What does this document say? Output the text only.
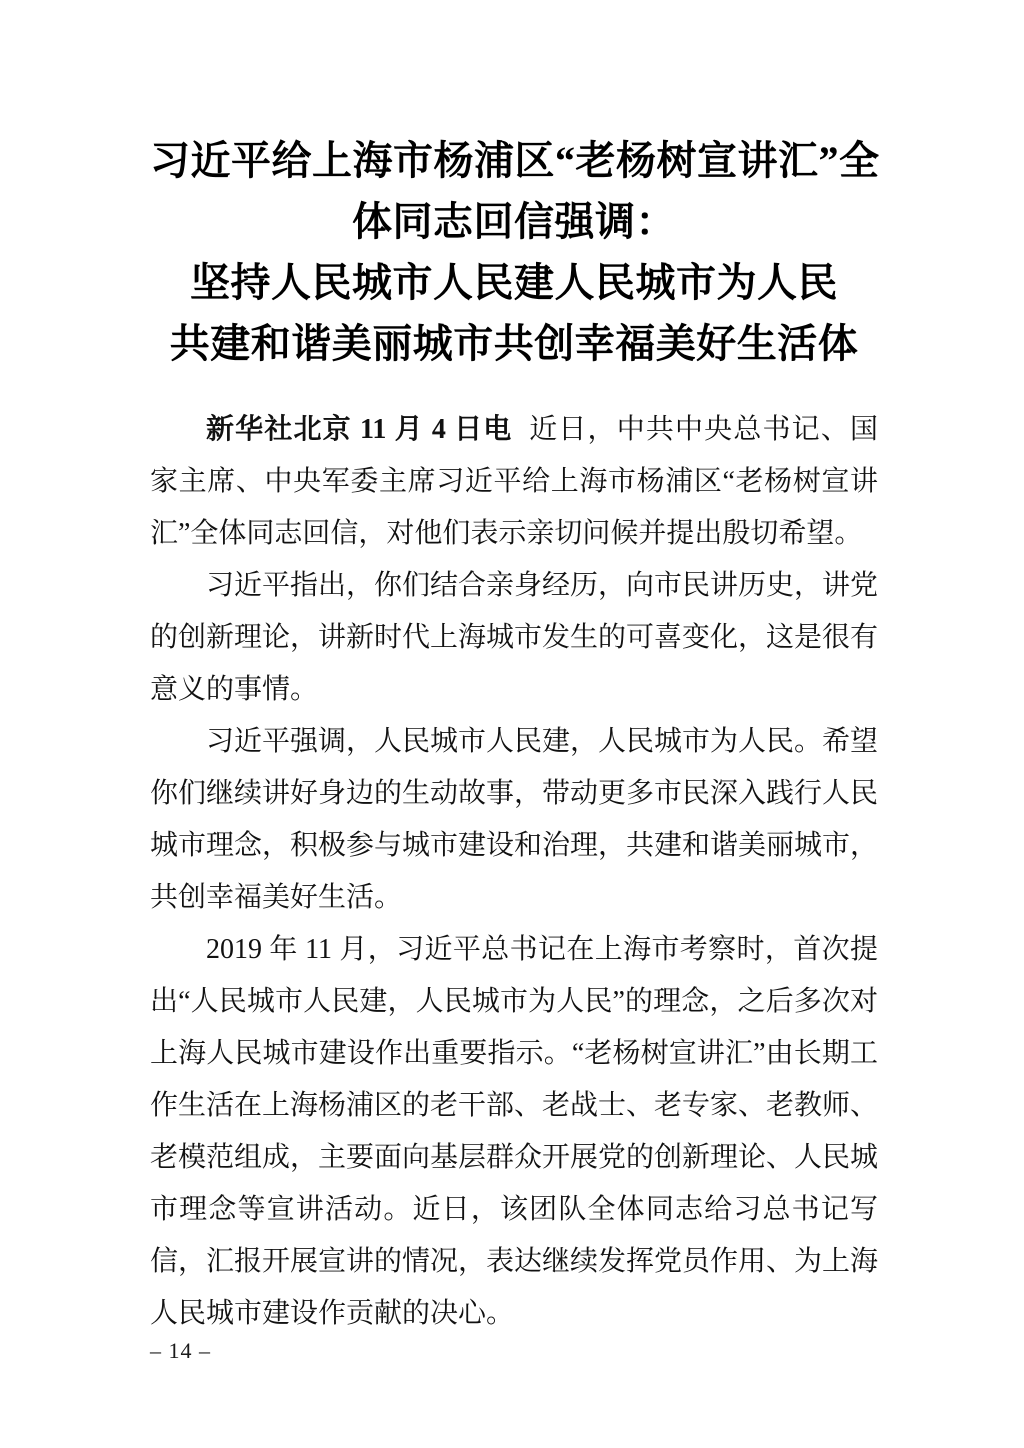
习近平给上海市杨浦区“老杨树宣讲汇”全
体同志回信强调：
坚持人民城市人民建人民城市为人民
共建和谐美丽城市共创幸福美好生活体

新华社北京 11 月 4 日电 近日，中共中央总书记、国家主席、中央军委主席习近平给上海市杨浦区“老杨树宣讲汇”全体同志回信，对他们表示亲切问候并提出殷切希望。

习近平指出，你们结合亲身经历，向市民讲历史，讲党的创新理论，讲新时代上海城市发生的可喜变化，这是很有意义的事情。

习近平强调，人民城市人民建，人民城市为人民。希望你们继续讲好身边的生动故事，带动更多市民深入践行人民城市理念，积极参与城市建设和治理，共建和谐美丽城市，共创幸福美好生活。

2019 年 11 月，习近平总书记在上海市考察时，首次提出“人民城市人民建，人民城市为人民”的理念，之后多次对上海人民城市建设作出重要指示。“老杨树宣讲汇”由长期工作生活在上海杨浦区的老干部、老战士、老专家、老教师、老模范组成，主要面向基层群众开展党的创新理论、人民城市理念等宣讲活动。近日，该团队全体同志给习总书记写信，汇报开展宣讲的情况，表达继续发挥党员作用、为上海人民城市建设作贡献的决心。

– 14 –
